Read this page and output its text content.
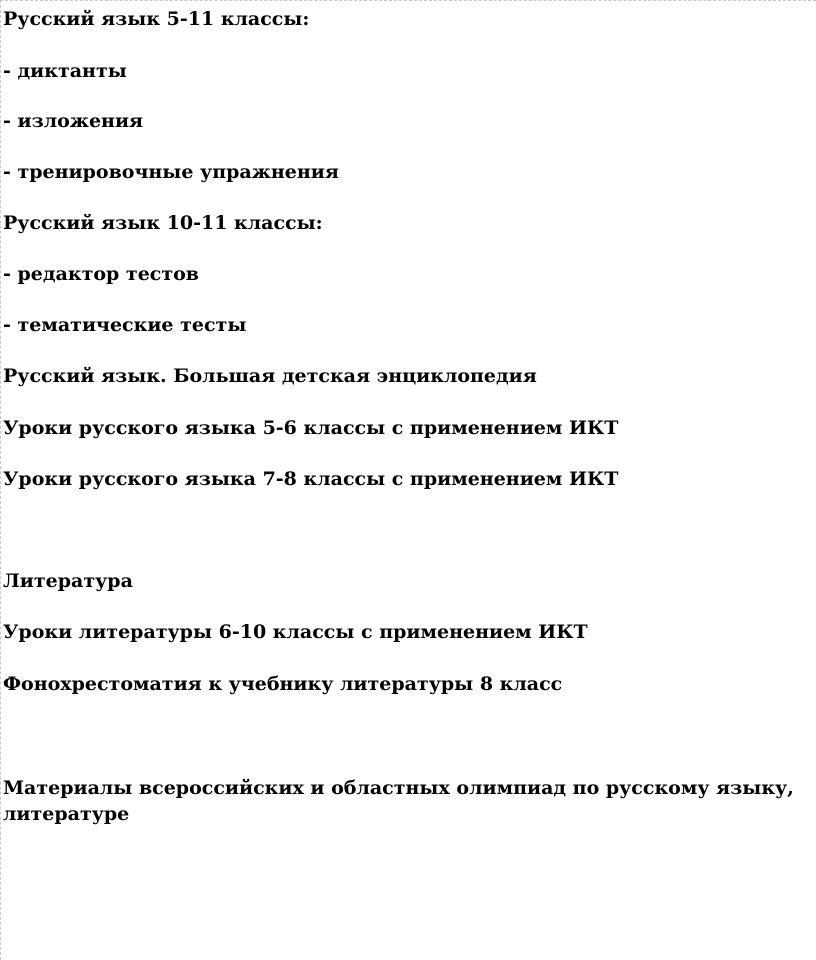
Русский язык 5-11 классы:
- диктанты
- изложения
- тренировочные упражнения
Русский язык 10-11 классы:
- редактор тестов
- тематические тесты
Русский язык. Большая детская энциклопедия
Уроки русского языка 5-6 классы с применением ИКТ
Уроки русского языка 7-8 классы с применением ИКТ
Литература
Уроки литературы 6-10 классы с применением ИКТ
Фонохрестоматия к учебнику литературы 8 класс
Материалы всероссийских и областных олимпиад по русскому языку, литературе
